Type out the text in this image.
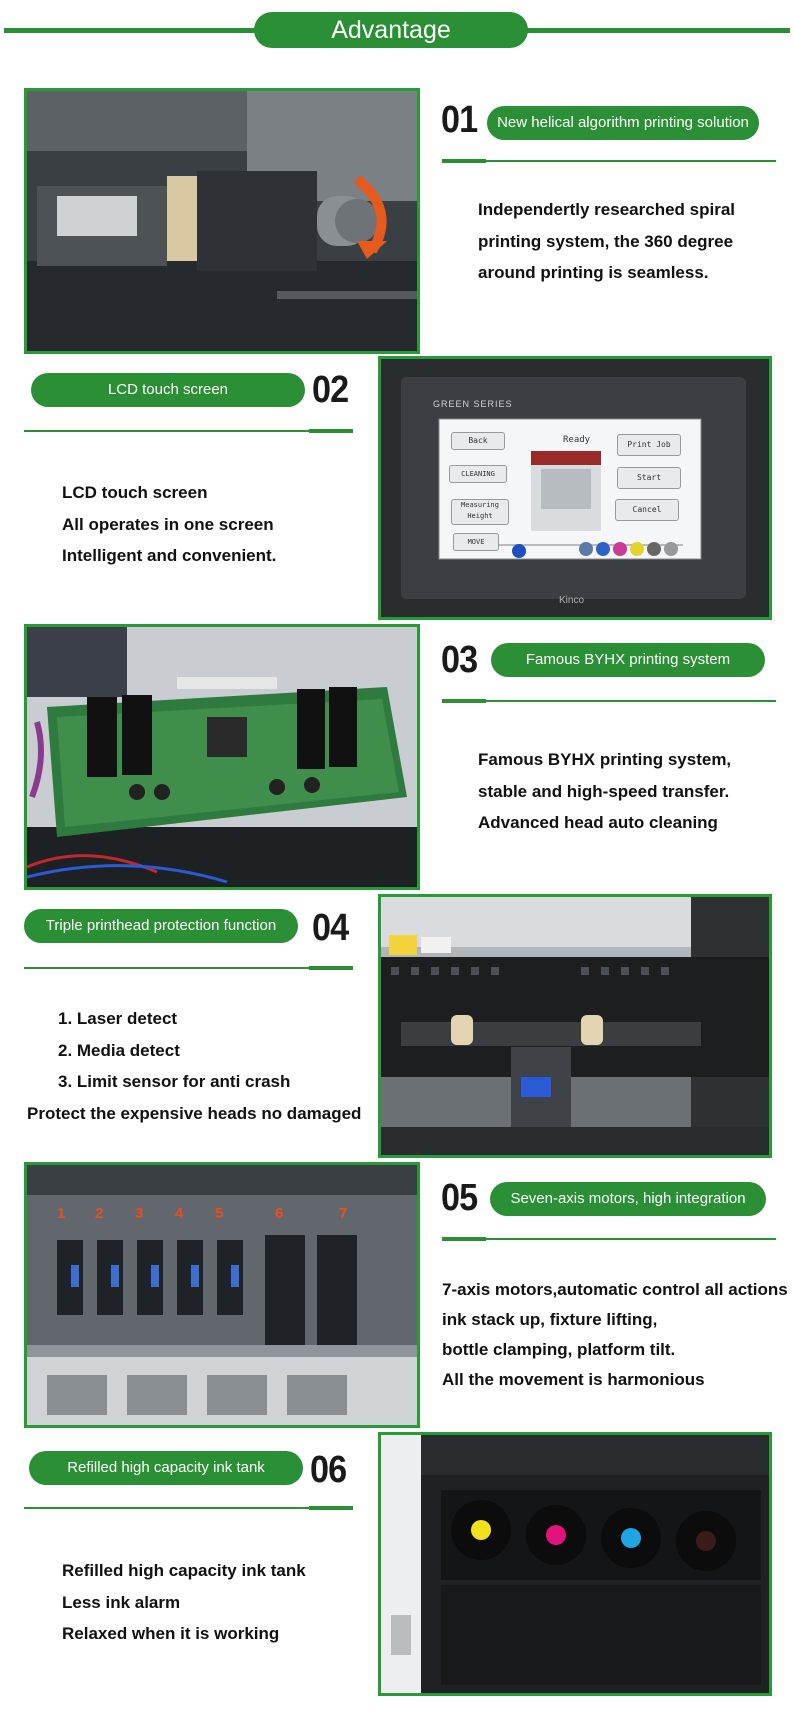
Advantage
01	New helical algorithm printing solution
Independertly researched spiral
printing system, the 360 degree
around printing is seamless.
LCD touch screen	02
LCD touch screen
All operates in one screen
Intelligent and convenient.
GREEN SERIES
Ready
Back
CLEANING
Measuring Height
MOVE
Print Job
Start
Cancel
Kinco
03	Famous BYHX printing system
Famous BYHX printing system,
stable and high-speed transfer.
Advanced head auto cleaning
Triple printhead protection function 04
1. Laser detect
2. Media detect
3. Limit sensor for anti crash
Protect the expensive heads no damaged
1 2 3 4 5	6	7 05	Seven-axis motors, high integration
7-axis motors,automatic control all actions
ink stack up, fixture lifting,
bottle clamping, platform tilt.
All the movement is harmonious
Refilled high capacity ink tank	06
Refilled high capacity ink tank
Less ink alarm
Relaxed when it is working
